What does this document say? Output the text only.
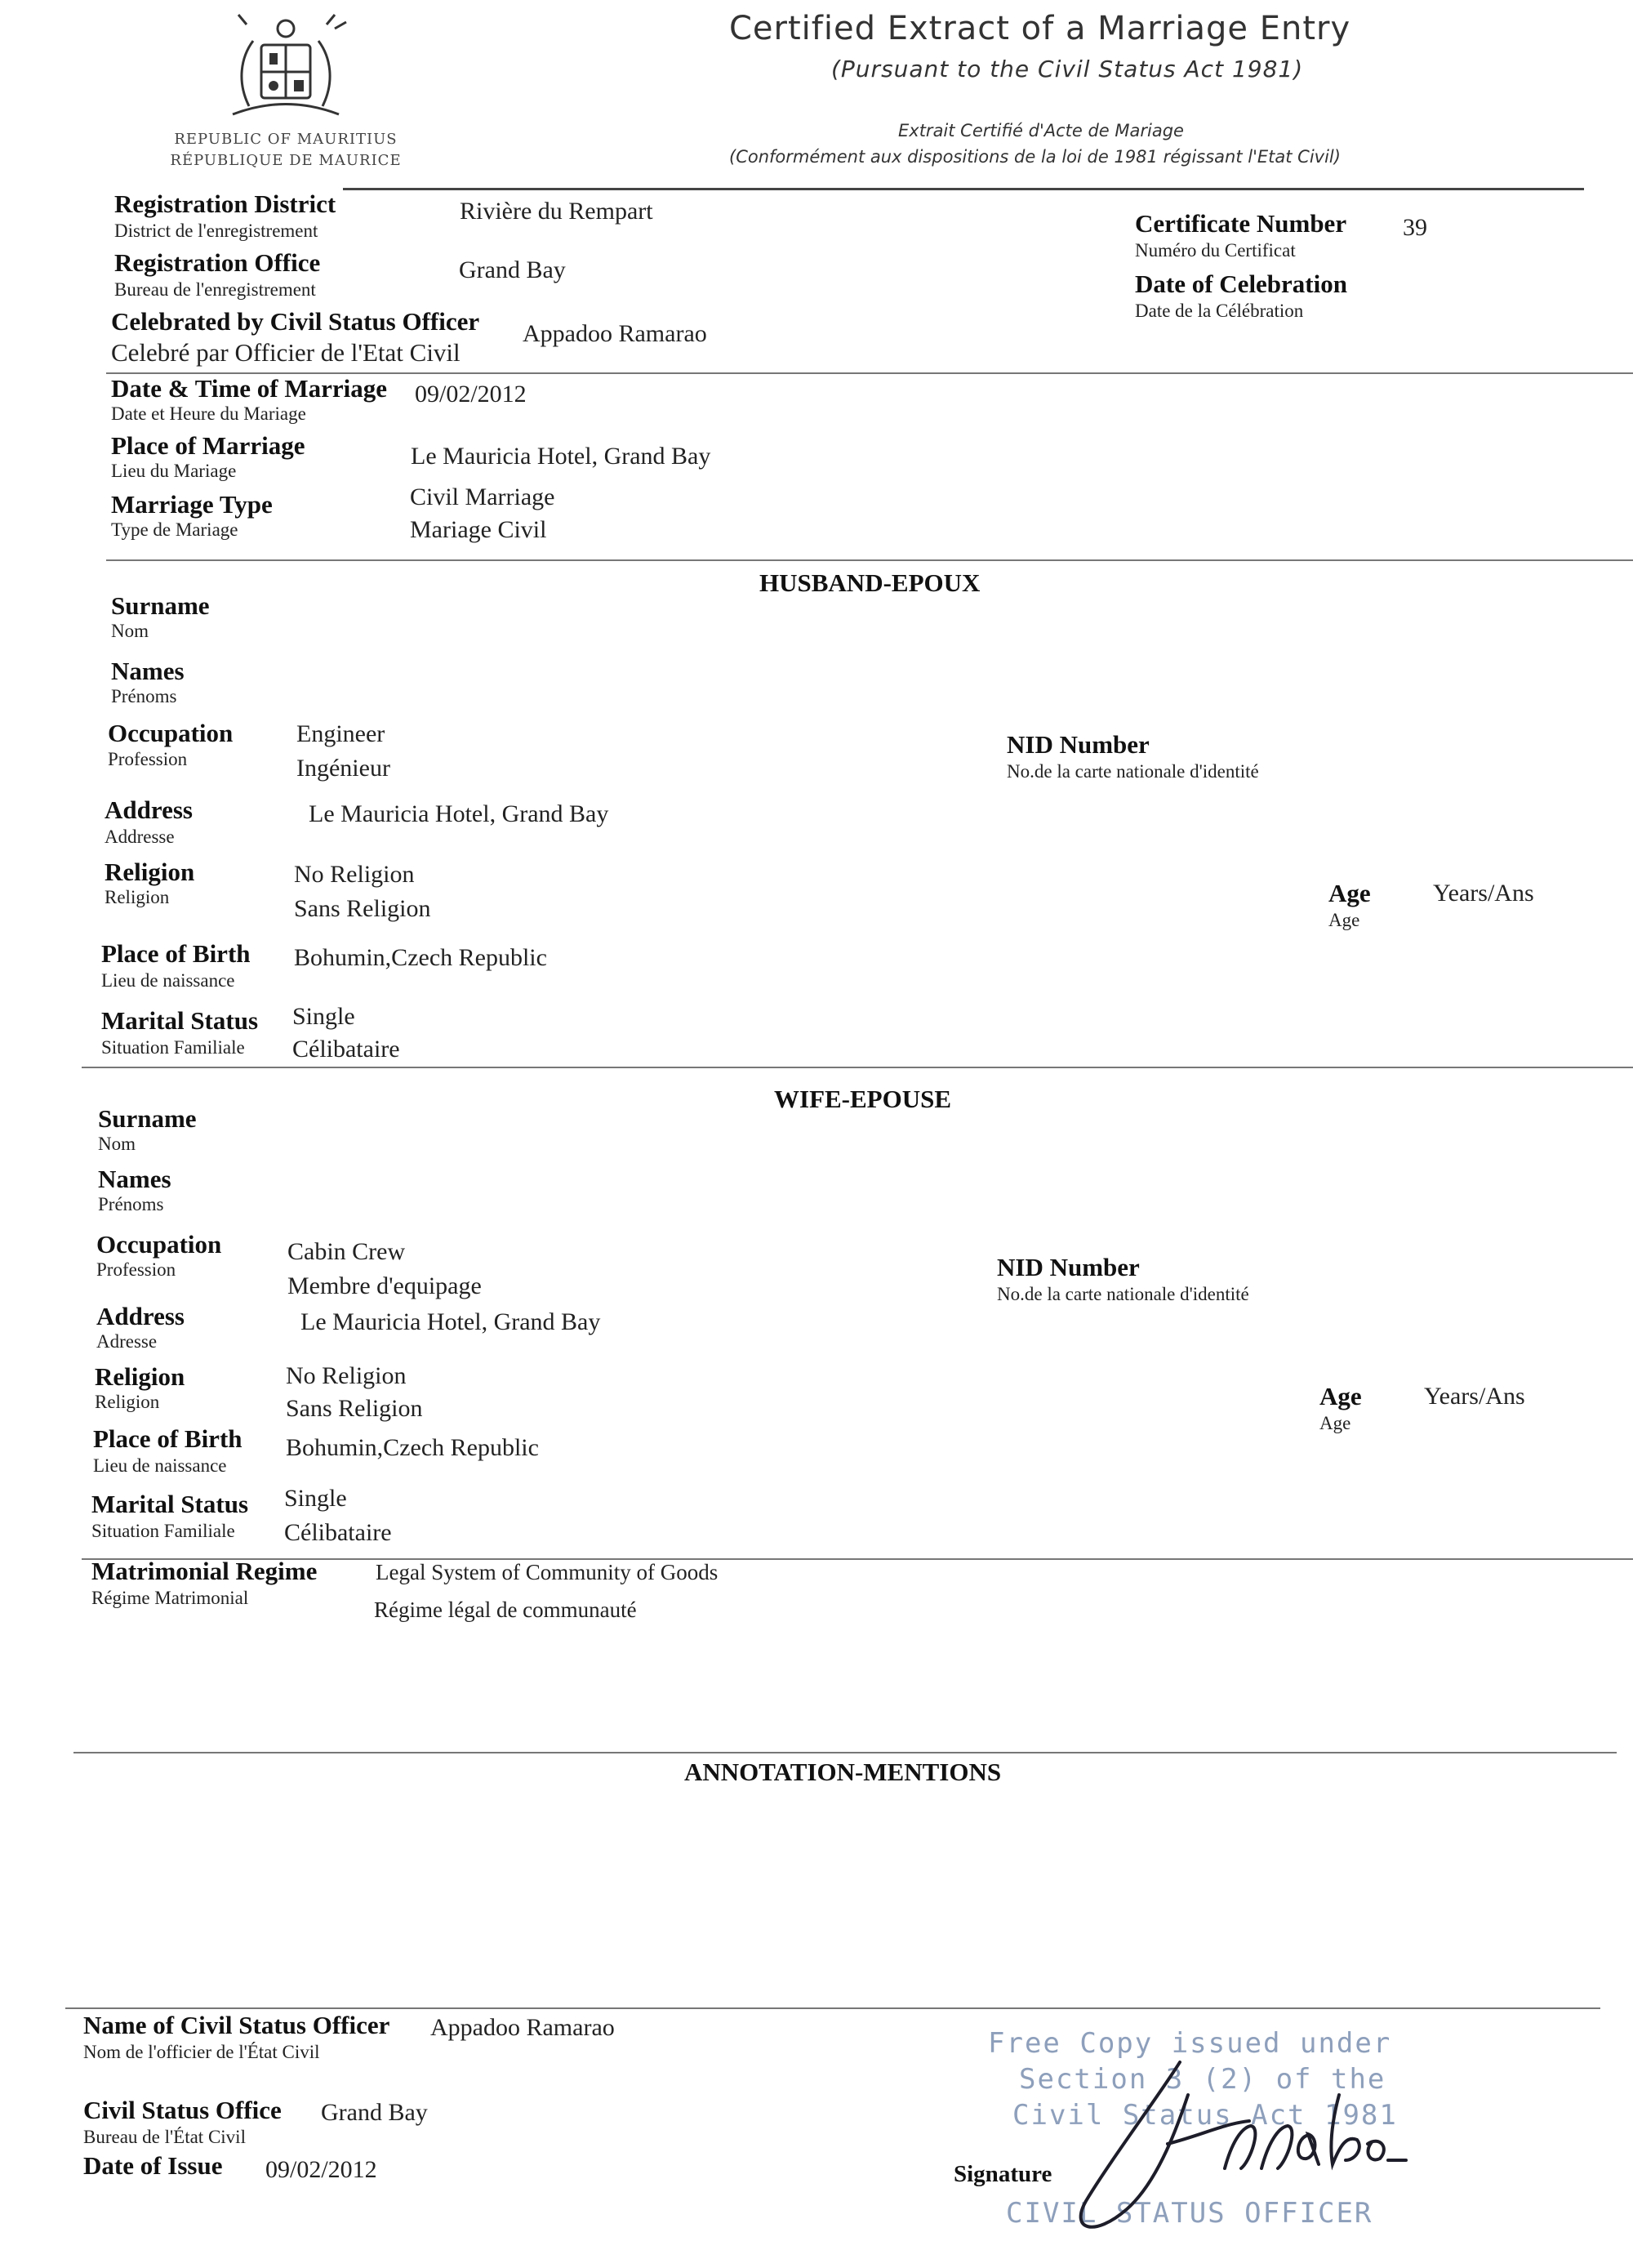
REPUBLIC OF MAURITIUS
RÉPUBLIQUE DE MAURICE
Certified Extract of a Marriage Entry
(Pursuant to the Civil Status Act 1981)
Extrait Certifié d'Acte de Mariage
(Conformément aux dispositions de la loi de 1981 régissant l'Etat Civil)
Registration District
District de l'enregistrement
Rivière du Rempart
Registration Office
Bureau de l'enregistrement
Grand Bay
Celebrated by Civil Status Officer
Celebré par Officier de l'Etat Civil
Appadoo Ramarao
Certificate Number
Numéro du Certificat
39
Date of Celebration
Date de la Célébration
Date & Time of Marriage
Date et Heure du Mariage
09/02/2012
Place of Marriage
Lieu du Mariage
Le Mauricia Hotel, Grand Bay
Marriage Type
Type de Mariage
Civil Marriage
Mariage Civil
HUSBAND-EPOUX
Surname
Nom
Names
Prénoms
Occupation
Profession
Engineer
Ingénieur
NID Number
No.de la carte nationale d'identité
Address
Addresse
Le Mauricia Hotel, Grand Bay
Religion
Religion
No Religion
Sans Religion
Age
Age
Years/Ans
Place of Birth
Lieu de naissance
Bohumin,Czech Republic
Marital Status
Situation Familiale
Single
Célibataire
WIFE-EPOUSE
Surname
Nom
Names
Prénoms
Occupation
Profession
Cabin Crew
Membre d'equipage
NID Number
No.de la carte nationale d'identité
Address
Adresse
Le Mauricia Hotel, Grand Bay
Religion
Religion
No Religion
Sans Religion	Age
Age
Years/Ans
Place of Birth
Lieu de naissance
Bohumin,Czech Republic
Marital Status
Situation Familiale
Single
Célibataire
Matrimonial Regime
Régime Matrimonial
Legal System of Community of Goods
Régime légal de communauté
ANNOTATION-MENTIONS
Name of Civil Status Officer
Nom de l'officier de l'État Civil
Appadoo Ramarao
Civil Status Office
Bureau de l'État Civil
Grand Bay
Date of Issue 09/02/2012
Free Copy issued under
Section 3 (2) of the
Civil Status Act 1981
CIVIL STATUS OFFICER
Signature
